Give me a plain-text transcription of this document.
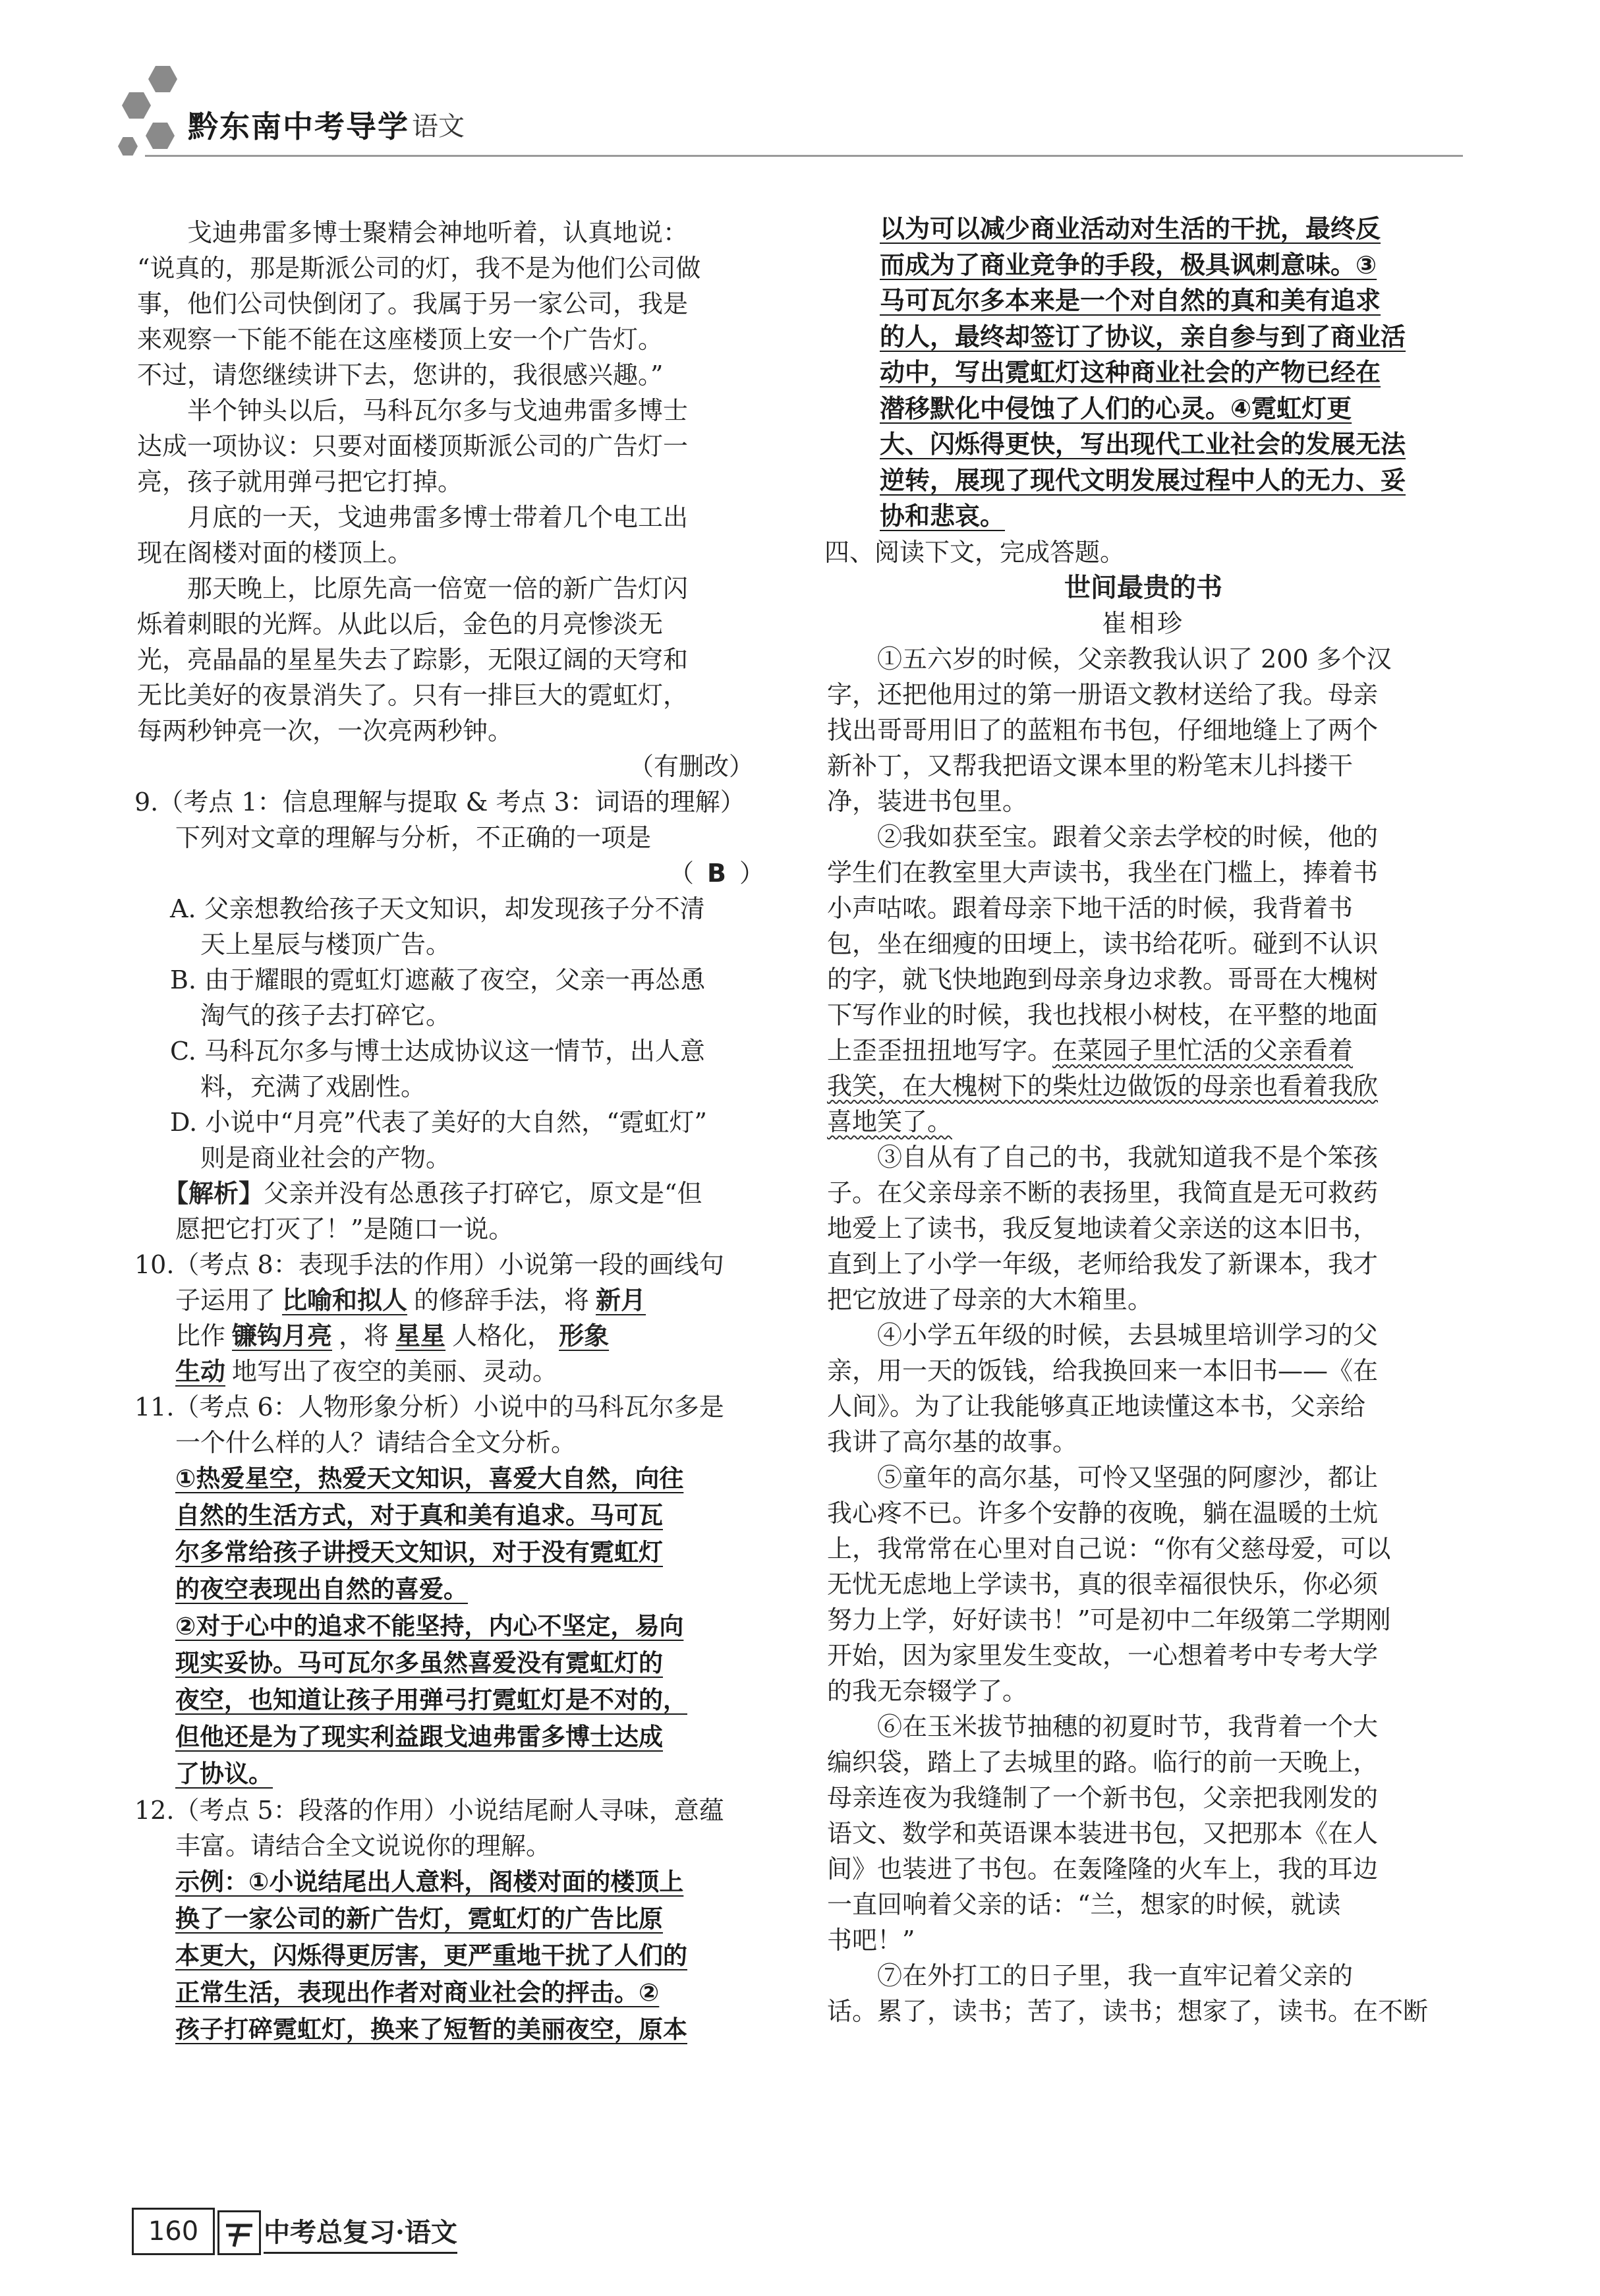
黔东南中考导学 语文

戈迪弗雷多博士聚精会神地听着，认真地说：

“说真的，那是斯派公司的灯，我不是为他们公司做

事，他们公司快倒闭了。我属于另一家公司，我是

来观察一下能不能在这座楼顶上安一个广告灯。

不过，请您继续讲下去，您讲的，我很感兴趣。”

半个钟头以后，马科瓦尔多与戈迪弗雷多博士

达成一项协议：只要对面楼顶斯派公司的广告灯一

亮，孩子就用弹弓把它打掉。

月底的一天，戈迪弗雷多博士带着几个电工出

现在阁楼对面的楼顶上。

那天晚上，比原先高一倍宽一倍的新广告灯闪

烁着刺眼的光辉。从此以后，金色的月亮惨淡无

光，亮晶晶的星星失去了踪影，无限辽阔的天穹和

无比美好的夜景消失了。只有一排巨大的霓虹灯，

每两秒钟亮一次，一次亮两秒钟。

（有删改）

9.（考点 1：信息理解与提取 & 考点 3：词语的理解）

下列对文章的理解与分析，不正确的一项是

（ B ）

A. 父亲想教给孩子天文知识，却发现孩子分不清

天上星辰与楼顶广告。

B. 由于耀眼的霓虹灯遮蔽了夜空，父亲一再怂恿

淘气的孩子去打碎它。

C. 马科瓦尔多与博士达成协议这一情节，出人意

料，充满了戏剧性。

D. 小说中“月亮”代表了美好的大自然，“霓虹灯”

则是商业社会的产物。

【解析】父亲并没有怂恿孩子打碎它，原文是“但

愿把它打灭了！”是随口一说。

10.（考点 8：表现手法的作用）小说第一段的画线句

子运用了 比喻和拟人 的修辞手法，将 新月

比作 镰钩月亮 ，将 星星 人格化， 形象

生动 地写出了夜空的美丽、灵动。

11.（考点 6：人物形象分析）小说中的马科瓦尔多是

一个什么样的人？请结合全文分析。

①热爱星空，热爱天文知识，喜爱大自然，向往

自然的生活方式，对于真和美有追求。马可瓦

尔多常给孩子讲授天文知识，对于没有霓虹灯

的夜空表现出自然的喜爱。

②对于心中的追求不能坚持，内心不坚定，易向

现实妥协。马可瓦尔多虽然喜爱没有霓虹灯的

夜空，也知道让孩子用弹弓打霓虹灯是不对的，

但他还是为了现实利益跟戈迪弗雷多博士达成

了协议。

12.（考点 5：段落的作用）小说结尾耐人寻味，意蕴

丰富。请结合全文说说你的理解。

示例：①小说结尾出人意料，阁楼对面的楼顶上

换了一家公司的新广告灯，霓虹灯的广告比原

本更大，闪烁得更厉害，更严重地干扰了人们的

正常生活，表现出作者对商业社会的抨击。②

孩子打碎霓虹灯，换来了短暂的美丽夜空，原本

以为可以减少商业活动对生活的干扰，最终反

而成为了商业竞争的手段，极具讽刺意味。③

马可瓦尔多本来是一个对自然的真和美有追求

的人，最终却签订了协议，亲自参与到了商业活

动中，写出霓虹灯这种商业社会的产物已经在

潜移默化中侵蚀了人们的心灵。④霓虹灯更

大、闪烁得更快，写出现代工业社会的发展无法

逆转，展现了现代文明发展过程中人的无力、妥

协和悲哀。

四、阅读下文，完成答题。

世间最贵的书

崔相珍

①五六岁的时候，父亲教我认识了 200 多个汉

字，还把他用过的第一册语文教材送给了我。母亲

找出哥哥用旧了的蓝粗布书包，仔细地缝上了两个

新补丁，又帮我把语文课本里的粉笔末儿抖搂干

净，装进书包里。

②我如获至宝。跟着父亲去学校的时候，他的

学生们在教室里大声读书，我坐在门槛上，捧着书

小声咕哝。跟着母亲下地干活的时候，我背着书

包，坐在细瘦的田埂上，读书给花听。碰到不认识

的字，就飞快地跑到母亲身边求教。哥哥在大槐树

下写作业的时候，我也找根小树枝，在平整的地面

上歪歪扭扭地写字。在菜园子里忙活的父亲看着

我笑，在大槐树下的柴灶边做饭的母亲也看着我欣

喜地笑了。

③自从有了自己的书，我就知道我不是个笨孩

子。在父亲母亲不断的表扬里，我简直是无可救药

地爱上了读书，我反复地读着父亲送的这本旧书，

直到上了小学一年级，老师给我发了新课本，我才

把它放进了母亲的大木箱里。

④小学五年级的时候，去县城里培训学习的父

亲，用一天的饭钱，给我换回来一本旧书——《在

人间》。为了让我能够真正地读懂这本书，父亲给

我讲了高尔基的故事。

⑤童年的高尔基，可怜又坚强的阿廖沙，都让

我心疼不已。许多个安静的夜晚，躺在温暖的土炕

上，我常常在心里对自己说：“你有父慈母爱，可以

无忧无虑地上学读书，真的很幸福很快乐，你必须

努力上学，好好读书！”可是初中二年级第二学期刚

开始，因为家里发生变故，一心想着考中专考大学

的我无奈辍学了。

⑥在玉米拔节抽穗的初夏时节，我背着一个大

编织袋，踏上了去城里的路。临行的前一天晚上，

母亲连夜为我缝制了一个新书包，父亲把我刚发的

语文、数学和英语课本装进书包，又把那本《在人

间》也装进了书包。在轰隆隆的火车上，我的耳边

一直回响着父亲的话：“兰，想家的时候，就读

书吧！”

⑦在外打工的日子里，我一直牢记着父亲的

话。累了，读书；苦了，读书；想家了，读书。在不断

160	中考总复习·语文
